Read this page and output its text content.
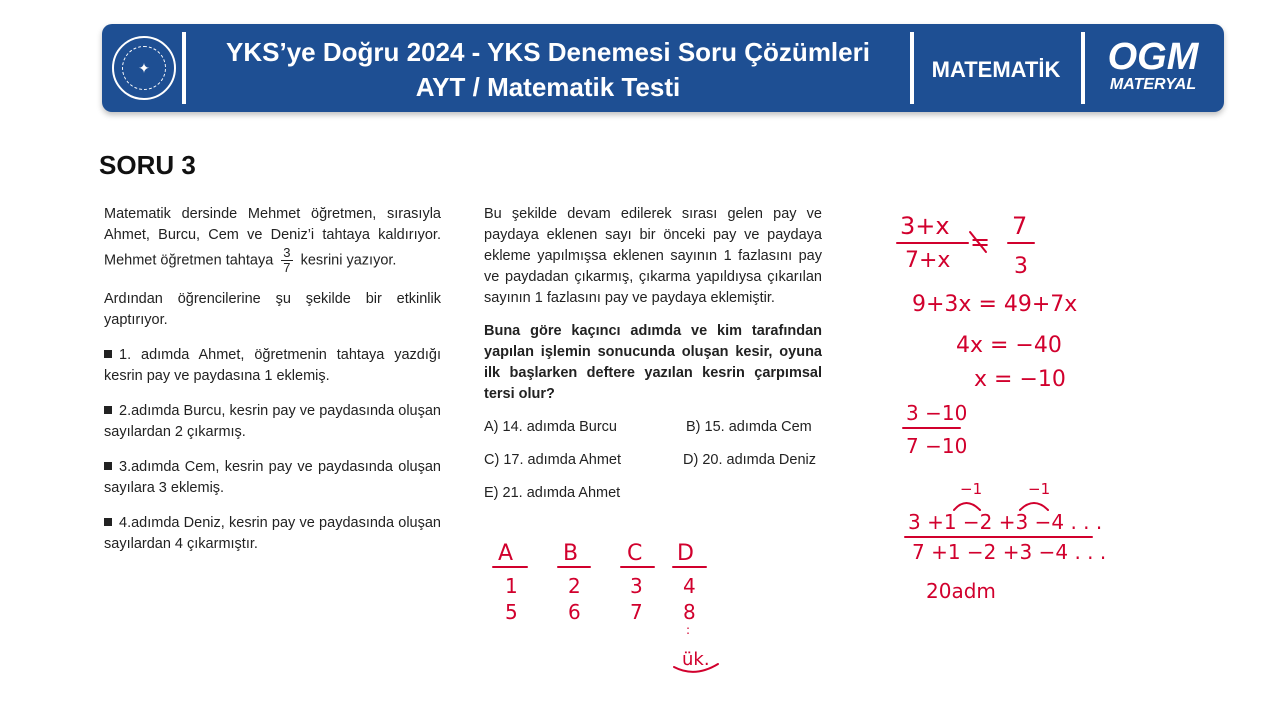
✦
YKS’ye Doğru 2024 - YKS Denemesi Soru Çözümleri
AYT / Matematik Testi
MATEMATİK	OGM
MATERYAL
SORU 3

Matematik dersinde Mehmet öğretmen, sırasıyla Ahmet, Burcu, Cem ve Deniz’i tahtaya kaldırıyor. Mehmet öğretmen tahtaya $\frac{3}{7}$ kesrini yazıyor.

Ardından öğrencilerine şu şekilde bir etkinlik yaptırıyor.

1. adımda Ahmet, öğretmenin tahtaya yazdığı kesrin pay ve paydasına 1 eklemiş.

2.adımda Burcu, kesrin pay ve paydasında oluşan sayılardan 2 çıkarmış.

3.adımda Cem, kesrin pay ve paydasında oluşan sayılara 3 eklemiş.

4.adımda Deniz, kesrin pay ve paydasında oluşan sayılardan 4 çıkarmıştır.

Bu şekilde devam edilerek sırası gelen pay ve paydaya eklenen sayı bir önceki pay ve paydaya ekleme yapılmışsa eklenen sayının 1 fazlasını pay ve paydadan çıkarmış, çıkarma yapıldıysa çıkarılan sayının 1 fazlasını pay ve paydaya eklemiştir.

Buna göre kaçıncı adımda ve kim tarafından yapılan işlemin sonucunda oluşan kesir, oyuna ilk başlarken deftere yazılan kesrin çarpımsal tersi olur?

A) 14. adımda Burcu	B) 15. adımda Cem
C) 17. adımda Ahmet	D) 20. adımda Deniz
E) 21. adımda Ahmet
A B C D
1	2 3 4
5	6 7 8
:
ük.
3+x
7+x
=
7
3
9+3x = 49+7x
4x = −40
x = −10
3 −10
7 −10
−1	−1
3 +1 −2 +3 −4 . . .
7 +1 −2 +3 −4 . . .
20adm
